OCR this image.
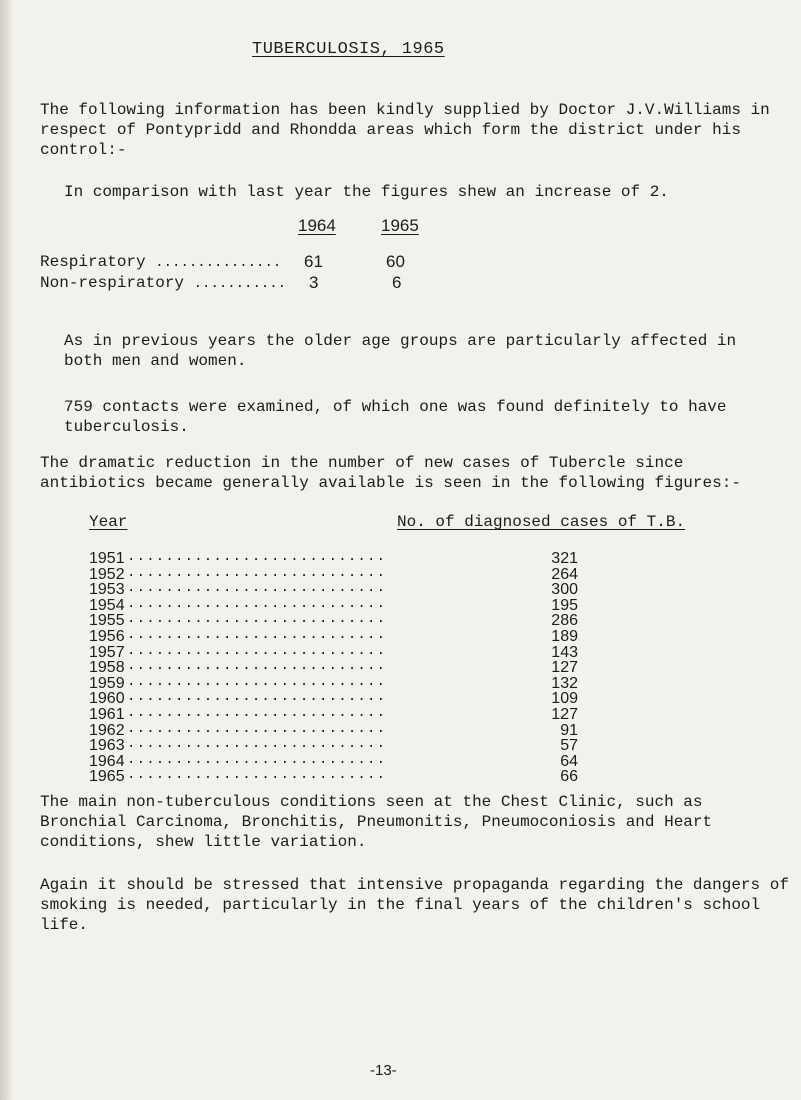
TUBERCULOSIS, 1965

The following information has been kindly supplied by Doctor J.V.Williams in respect of Pontypridd and Rhondda areas which form the district under his control:-

In comparison with last year the figures shew an increase of 2.

1964	1965
Respiratory ............... 61	60
Non-respiratory ........... 3	6

As in previous years the older age groups are particularly affected in both men and women.

759 contacts were examined, of which one was found definitely to have tuberculosis.

The dramatic reduction in the number of new cases of Tubercle since antibiotics became generally available is seen in the following figures:-

Year	No. of diagnosed cases of T.B.
1951 ...........................	321
1952 ...........................	264
1953 ...........................	300
1954 ...........................	195
1955 ...........................	286
1956 ...........................	189
1957 ...........................	143
1958 ...........................	127
1959 ...........................	132
1960 ...........................	109
1961 ...........................	127
1962 ...........................	91
1963 ...........................	57
1964 ...........................	64
1965 ...........................	66

The main non-tuberculous conditions seen at the Chest Clinic, such as Bronchial Carcinoma, Bronchitis, Pneumonitis, Pneumoconiosis and Heart conditions, shew little variation.

Again it should be stressed that intensive propaganda regarding the dangers of smoking is needed, particularly in the final years of the children's school life.

-13-
